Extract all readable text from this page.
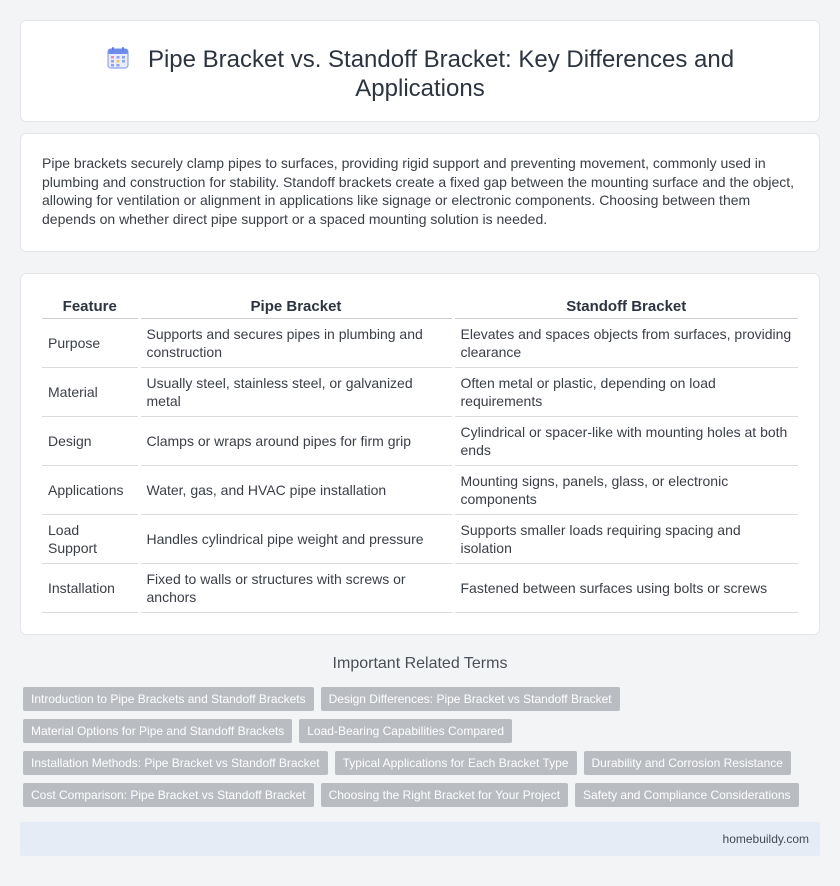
Pipe Bracket vs. Standoff Bracket: Key Differences and Applications

Pipe brackets securely clamp pipes to surfaces, providing rigid support and preventing movement, commonly used in plumbing and construction for stability. Standoff brackets create a fixed gap between the mounting surface and the object, allowing for ventilation or alignment in applications like signage or electronic components. Choosing between them depends on whether direct pipe support or a spaced mounting solution is needed.

Feature	Pipe Bracket	Standoff Bracket
Purpose	Supports and secures pipes in plumbing and construction	Elevates and spaces objects from surfaces, providing clearance
Material	Usually steel, stainless steel, or galvanized metal	Often metal or plastic, depending on load requirements
Design	Clamps or wraps around pipes for firm grip	Cylindrical or spacer-like with mounting holes at both ends
Applications	Water, gas, and HVAC pipe installation	Mounting signs, panels, glass, or electronic components
Load Support	Handles cylindrical pipe weight and pressure	Supports smaller loads requiring spacing and isolation
Installation	Fixed to walls or structures with screws or anchors	Fastened between surfaces using bolts or screws
Important Related Terms
Introduction to Pipe Brackets and Standoff Brackets	Design Differences: Pipe Bracket vs Standoff Bracket
Material Options for Pipe and Standoff Brackets	Load-Bearing Capabilities Compared
Installation Methods: Pipe Bracket vs Standoff Bracket	Typical Applications for Each Bracket Type	Durability and Corrosion Resistance
Cost Comparison: Pipe Bracket vs Standoff Bracket	Choosing the Right Bracket for Your Project	Safety and Compliance Considerations
homebuildy.com
